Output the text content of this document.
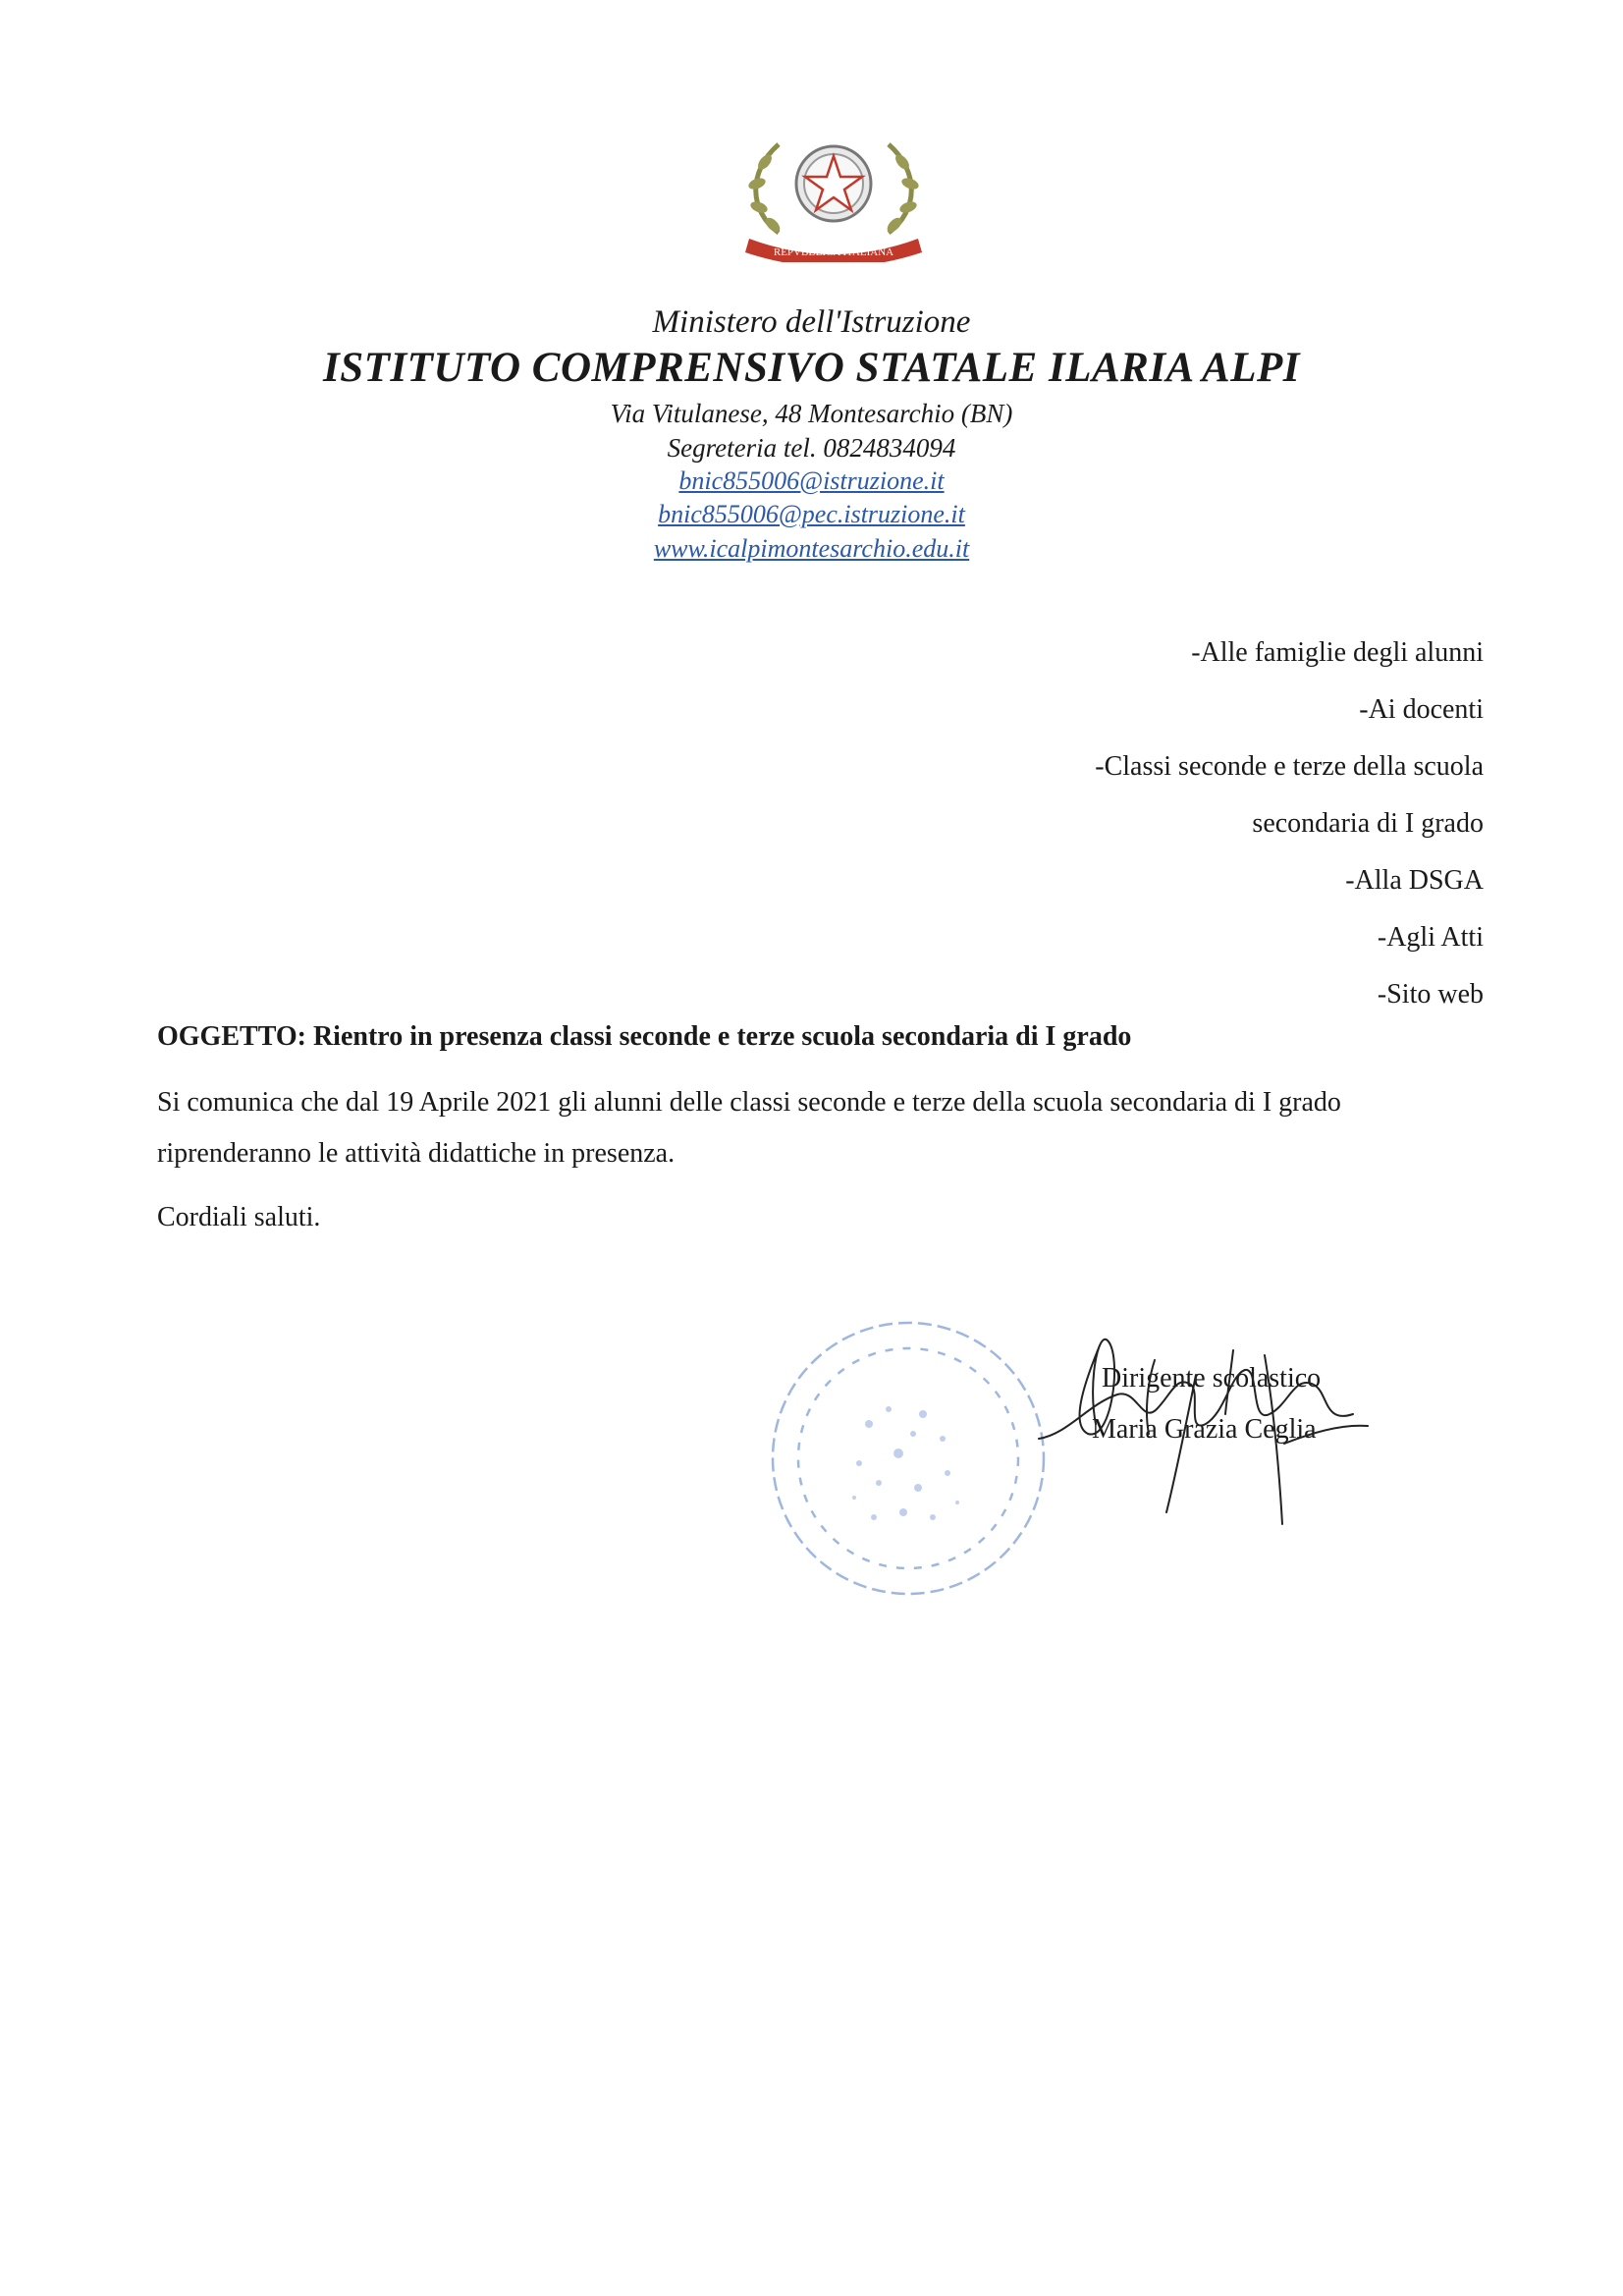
REPVBBLICA ITALIANA
Ministero dell'Istruzione
ISTITUTO COMPRENSIVO STATALE ILARIA ALPI
Via Vitulanese, 48 Montesarchio (BN)
Segreteria tel. 0824834094
bnic855006@istruzione.it
bnic855006@pec.istruzione.it
www.icalpimontesarchio.edu.it
-Alle famiglie degli alunni
-Ai docenti
-Classi seconde e terze della scuola
secondaria di I grado
-Alla DSGA
-Agli Atti
-Sito web
OGGETTO: Rientro in presenza classi seconde e terze scuola secondaria di I grado
Si comunica che dal 19 Aprile 2021 gli alunni delle classi seconde e terze della scuola secondaria di I grado riprenderanno le attività didattiche in presenza.
Cordiali saluti.
Dirigente scolastico
Maria Grazia Ceglia
